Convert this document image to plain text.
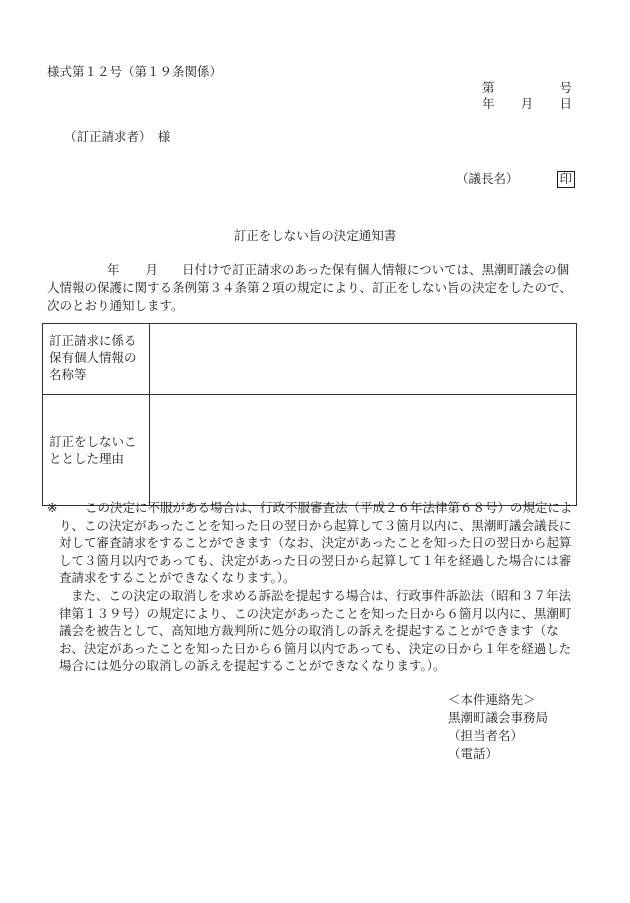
様式第１２号（第１９条関係）
第	号
年 月 日
（訂正請求者）　様
（議長名）	印
訂正をしない旨の決定通知書
年 月 日付けで訂正請求のあった保有個人情報については、黒潮町議会の個人情報の保護に関する条例第３４条第２項の規定により、訂正をしない旨の決定をしたので、次のとおり通知します。
訂正請求に係る保有個人情報の名称等	
訂正をしないこととした理由	
※	この決定に不服がある場合は、行政不服審査法（平成２６年法律第６８号）の規定により、この決定があったことを知った日の翌日から起算して３箇月以内に、黒潮町議会議長に対して審査請求をすることができます（なお、決定があったことを知った日の翌日から起算して３箇月以内であっても、決定があった日の翌日から起算して１年を経過した場合には審査請求をすることができなくなります。）。

また、この決定の取消しを求める訴訟を提起する場合は、行政事件訴訟法（昭和３７年法律第１３９号）の規定により、この決定があったことを知った日から６箇月以内に、黒潮町議会を被告として、高知地方裁判所に処分の取消しの訴えを提起することができます（なお、決定があったことを知った日から６箇月以内であっても、決定の日から１年を経過した場合には処分の取消しの訴えを提起することができなくなります。）。

＜本件連絡先＞
黒潮町議会事務局
（担当者名）
（電話）
